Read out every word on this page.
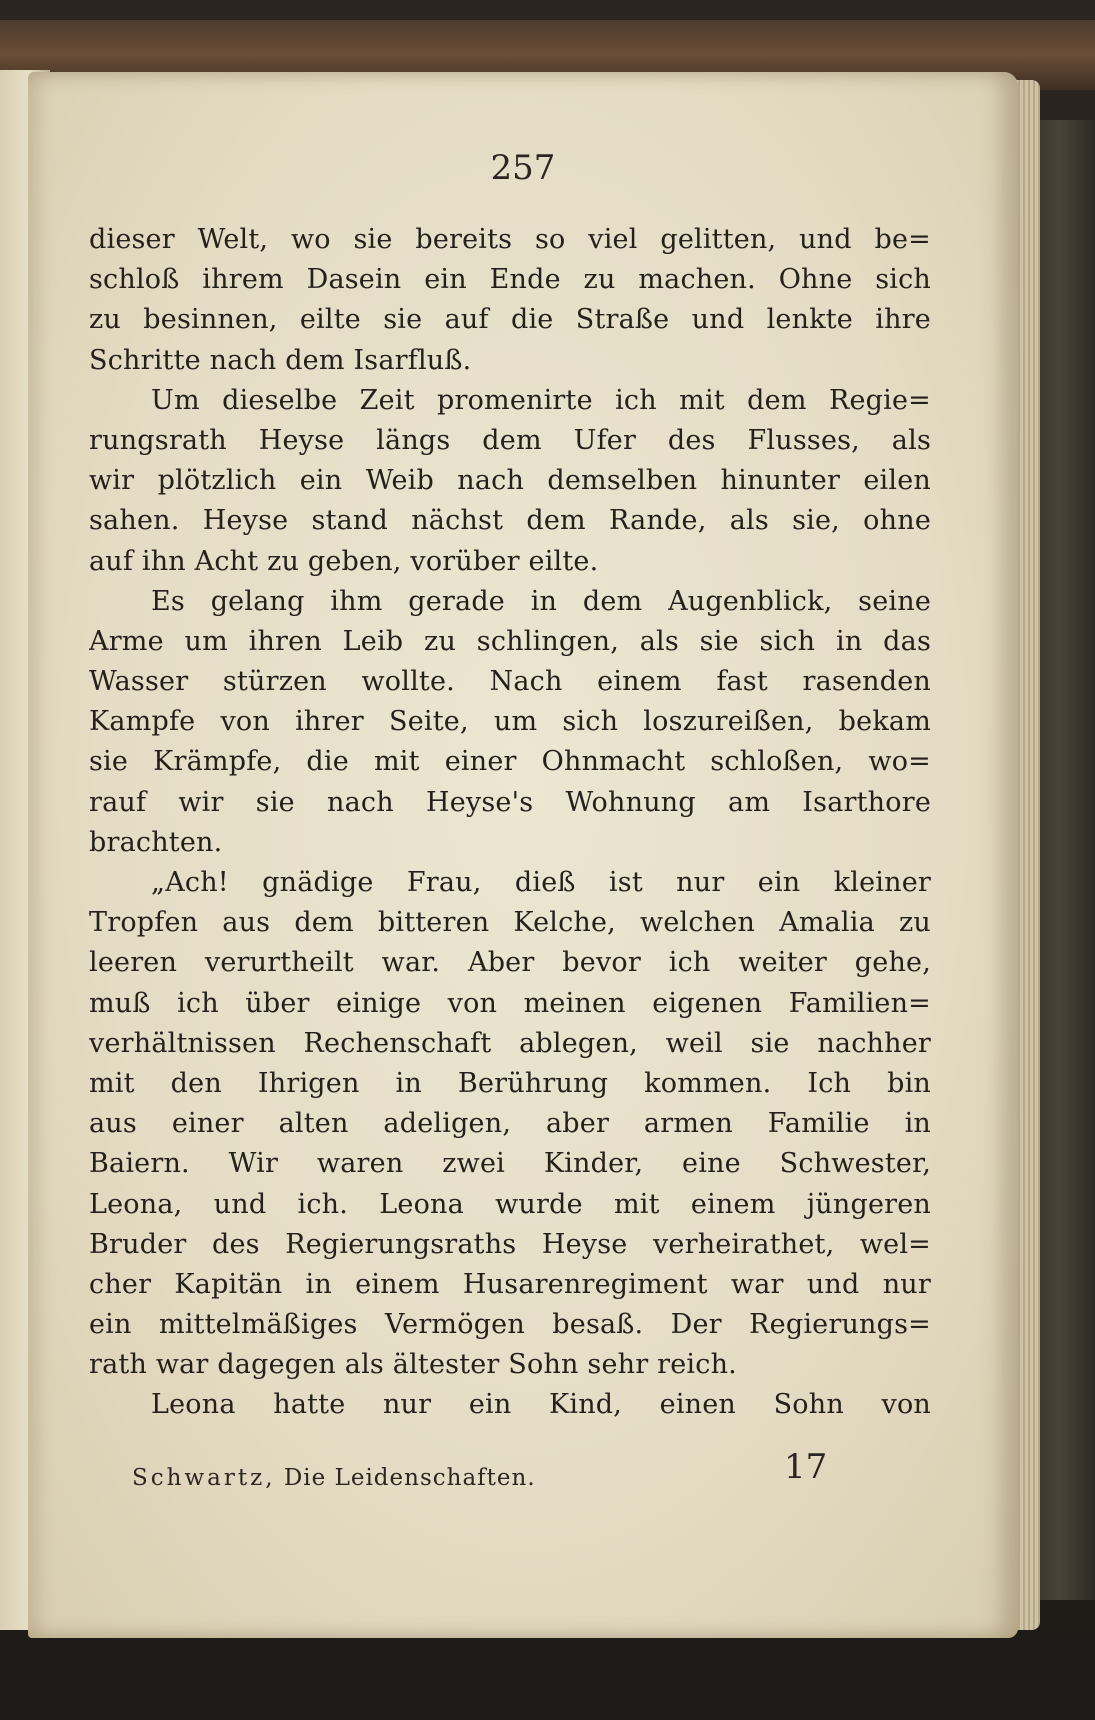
257
dieser Welt, wo sie bereits so viel gelitten, und be=
schloß ihrem Dasein ein Ende zu machen. Ohne sich
zu besinnen, eilte sie auf die Straße und lenkte ihre
Schritte nach dem Isarfluß.
Um dieselbe Zeit promenirte ich mit dem Regie=
rungsrath Heyse längs dem Ufer des Flusses, als
wir plötzlich ein Weib nach demselben hinunter eilen
sahen. Heyse stand nächst dem Rande, als sie, ohne
auf ihn Acht zu geben, vorüber eilte.
Es gelang ihm gerade in dem Augenblick, seine
Arme um ihren Leib zu schlingen, als sie sich in das
Wasser stürzen wollte. Nach einem fast rasenden
Kampfe von ihrer Seite, um sich loszureißen, bekam
sie Krämpfe, die mit einer Ohnmacht schloßen, wo=
rauf wir sie nach Heyse's Wohnung am Isarthore
brachten.
„Ach! gnädige Frau, dieß ist nur ein kleiner
Tropfen aus dem bitteren Kelche, welchen Amalia zu
leeren verurtheilt war. Aber bevor ich weiter gehe,
muß ich über einige von meinen eigenen Familien=
verhältnissen Rechenschaft ablegen, weil sie nachher
mit den Ihrigen in Berührung kommen. Ich bin
aus einer alten adeligen, aber armen Familie in
Baiern. Wir waren zwei Kinder, eine Schwester,
Leona, und ich. Leona wurde mit einem jüngeren
Bruder des Regierungsraths Heyse verheirathet, wel=
cher Kapitän in einem Husarenregiment war und nur
ein mittelmäßiges Vermögen besaß. Der Regierungs=
rath war dagegen als ältester Sohn sehr reich.
Leona hatte nur ein Kind, einen Sohn von
Schwartz, Die Leidenschaften.	17
